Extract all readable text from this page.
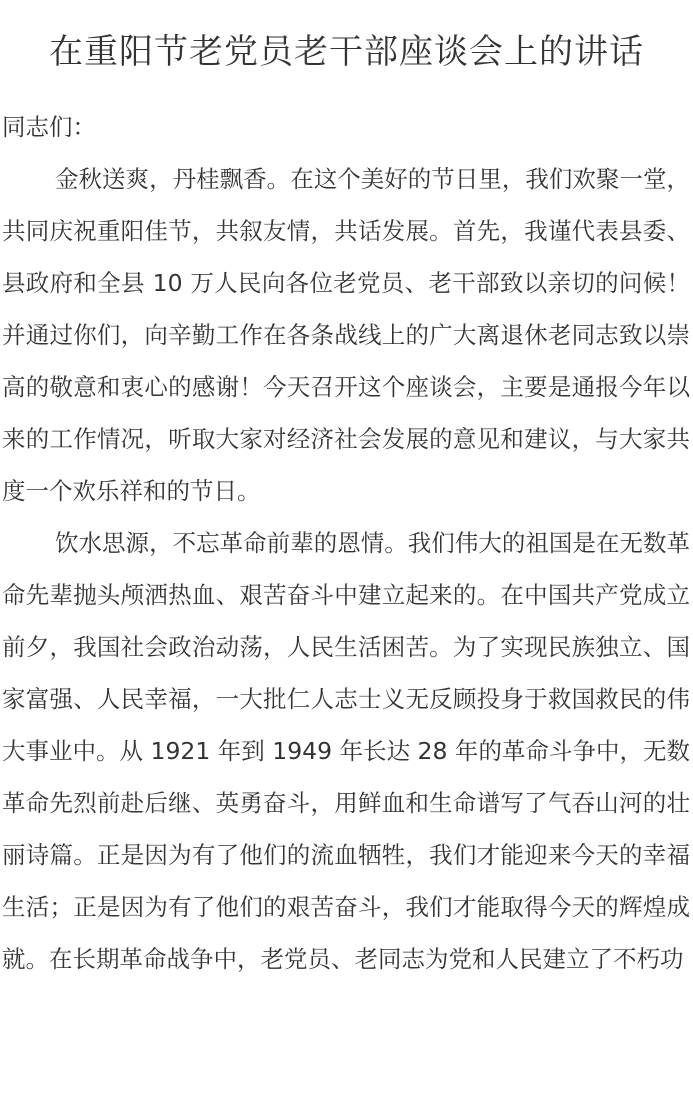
在重阳节老党员老干部座谈会上的讲话

同志们：

金秋送爽，丹桂飘香。在这个美好的节日里，我们欢聚一堂，共同庆祝重阳佳节，共叙友情，共话发展。首先，我谨代表县委、县政府和全县 10 万人民向各位老党员、老干部致以亲切的问候！并通过你们，向辛勤工作在各条战线上的广大离退休老同志致以崇高的敬意和衷心的感谢！今天召开这个座谈会，主要是通报今年以来的工作情况，听取大家对经济社会发展的意见和建议，与大家共度一个欢乐祥和的节日。

饮水思源，不忘革命前辈的恩情。我们伟大的祖国是在无数革命先辈抛头颅洒热血、艰苦奋斗中建立起来的。在中国共产党成立前夕，我国社会政治动荡，人民生活困苦。为了实现民族独立、国家富强、人民幸福，一大批仁人志士义无反顾投身于救国救民的伟大事业中。从 1921 年到 1949 年长达 28 年的革命斗争中，无数革命先烈前赴后继、英勇奋斗，用鲜血和生命谱写了气吞山河的壮丽诗篇。正是因为有了他们的流血牺牲，我们才能迎来今天的幸福生活；正是因为有了他们的艰苦奋斗，我们才能取得今天的辉煌成就。在长期革命战争中，老党员、老同志为党和人民建立了不朽功
